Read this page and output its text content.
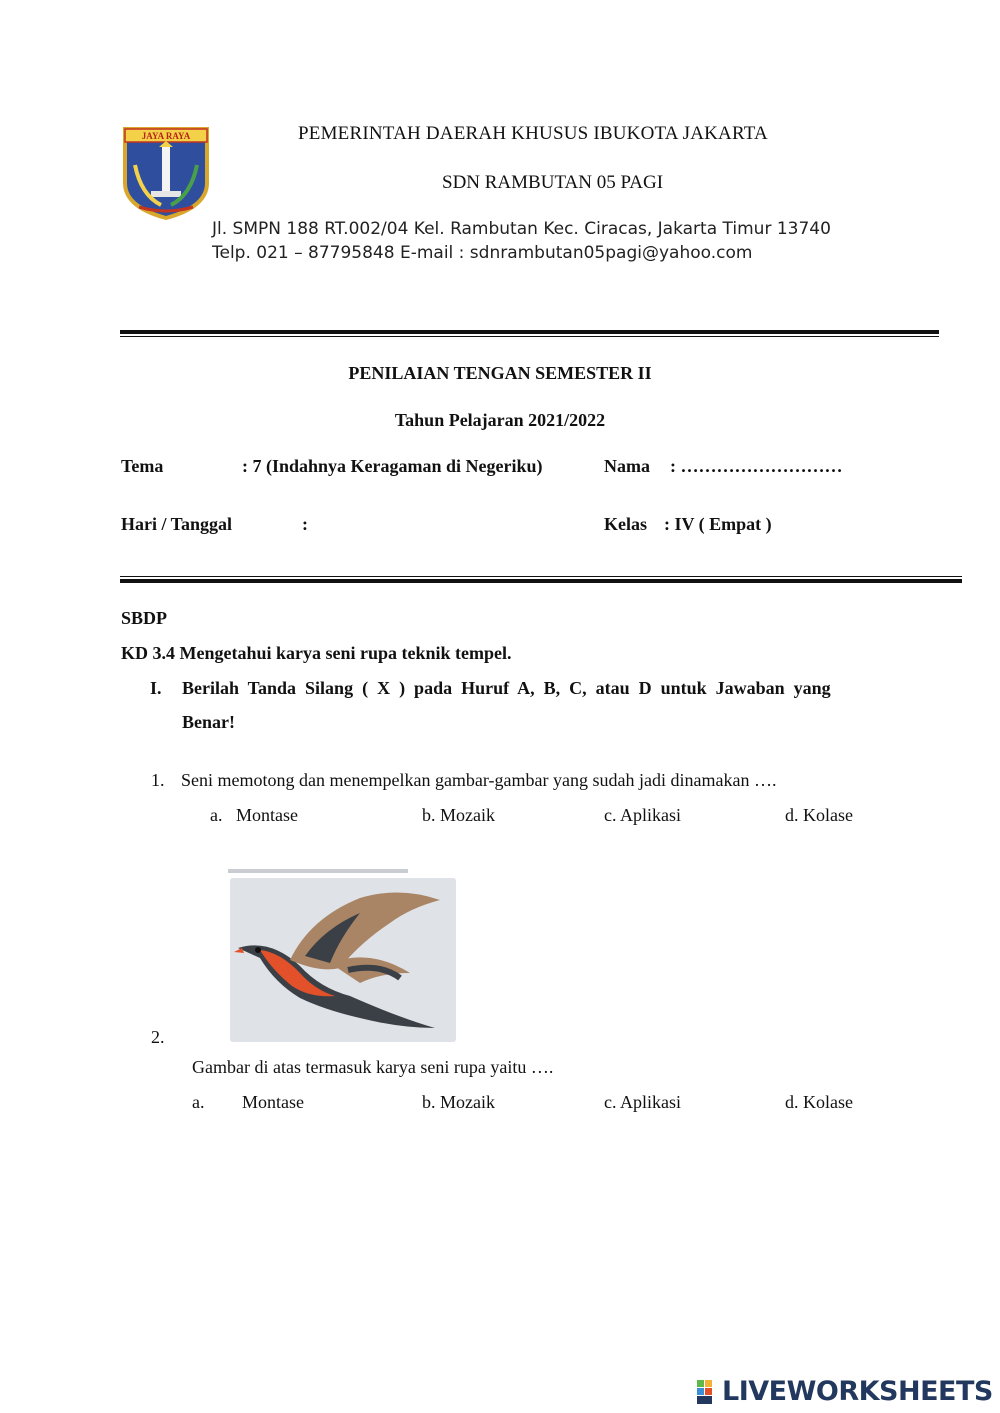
JAYA RAYA	PEMERINTAH DAERAH KHUSUS IBUKOTA JAKARTA
SDN RAMBUTAN 05 PAGI
Jl. SMPN 188 RT.002/04 Kel. Rambutan Kec. Ciracas, Jakarta Timur 13740
Telp. 021 – 87795848 E-mail : sdnrambutan05pagi@yahoo.com
PENILAIAN TENGAN SEMESTER II
Tahun Pelajaran 2021/2022
Tema	: 7 (Indahnya Keragaman di Negeriku)	Nama : ………………………
Hari / Tanggal	:	Kelas : IV ( Empat )
SBDP
KD 3.4 Mengetahui karya seni rupa teknik tempel.
I. Berilah  Tanda  Silang  (  X  )  pada  Huruf  A,  B,  C,  atau  D  untuk  Jawaban  yang
Benar!
1. Seni memotong dan menempelkan gambar-gambar yang sudah jadi dinamakan ….
a.   Montase	b. Mozaik	c. Aplikasi	d. Kolase
2.
Gambar di atas termasuk karya seni rupa yaitu ….
a. Montase	b. Mozaik	c. Aplikasi	d. Kolase
LIVEWORKSHEETS
